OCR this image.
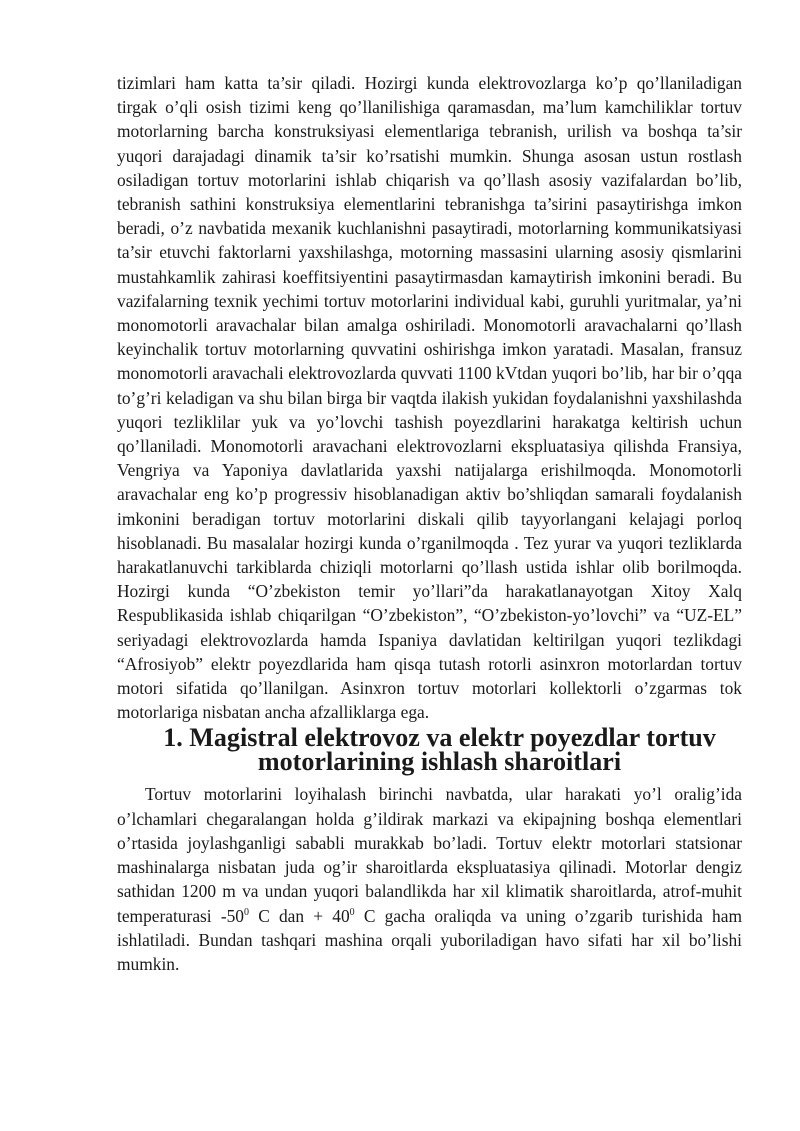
tizimlari ham katta ta’sir qiladi. Hozirgi kunda elektrovozlarga ko’p qo’llaniladigan tirgak o’qli osish tizimi keng qo’llanilishiga qaramasdan, ma’lum kamchiliklar tortuv motorlarning barcha konstruksiyasi elementlariga tebranish, urilish va boshqa ta’sir yuqori darajadagi dinamik ta’sir ko’rsatishi mumkin. Shunga asosan ustun rostlash osiladigan tortuv motorlarini ishlab chiqarish va qo’llash asosiy vazifalardan bo’lib, tebranish sathini konstruksiya elementlarini tebranishga ta’sirini pasaytirishga imkon beradi, o’z navbatida mexanik kuchlanishni pasaytiradi, motorlarning kommunikatsiyasi ta’sir etuvchi faktorlarni yaxshilashga, motorning massasini ularning asosiy qismlarini mustahkamlik zahirasi koeffitsiyentini pasaytirmasdan kamaytirish imkonini beradi. Bu vazifalarning texnik yechimi tortuv motorlarini individual kabi, guruhli yuritmalar, ya’ni monomotorli aravachalar bilan amalga oshiriladi. Monomotorli aravachalarni qo’llash keyinchalik tortuv motorlarning quvvatini oshirishga imkon yaratadi. Masalan, fransuz monomotorli aravachali elektrovozlarda quvvati 1100 kVtdan yuqori bo’lib, har bir o’qqa to’g’ri keladigan va shu bilan birga bir vaqtda ilakish yukidan foydalanishni yaxshilashda yuqori tezliklilar yuk va yo’lovchi tashish poyezdlarini harakatga keltirish uchun qo’llaniladi. Monomotorli aravachani elektrovozlarni ekspluatasiya qilishda Fransiya, Vengriya va Yaponiya davlatlarida yaxshi natijalarga erishilmoqda. Monomotorli aravachalar eng ko’p progressiv hisoblanadigan aktiv bo’shliqdan samarali foydalanish imkonini beradigan tortuv motorlarini diskali qilib tayyorlangani kelajagi porloq hisoblanadi. Bu masalalar hozirgi kunda o’rganilmoqda . Tez yurar va yuqori tezliklarda harakatlanuvchi tarkiblarda chiziqli motorlarni qo’llash ustida ishlar olib borilmoqda. Hozirgi kunda “O’zbekiston temir yo’llari”da harakatlanayotgan Xitoy Xalq Respublikasida ishlab chiqarilgan “O’zbekiston”, “O’zbekiston-yo’lovchi” va “UZ-EL” seriyadagi elektrovozlarda hamda Ispaniya davlatidan keltirilgan yuqori tezlikdagi “Afrosiyob” elektr poyezdlarida ham qisqa tutash rotorli asinxron motorlardan tortuv motori sifatida qo’llanilgan. Asinxron tortuv motorlari kollektorli o’zgarmas tok motorlariga nisbatan ancha afzalliklarga ega.

1. Magistral elektrovoz va elektr poyezdlar tortuv motorlarining ishlash sharoitlari

Tortuv motorlarini loyihalash birinchi navbatda, ular harakati yo’l oralig’ida o’lchamlari chegaralangan holda g’ildirak markazi va ekipajning boshqa elementlari o’rtasida joylashganligi sababli murakkab bo’ladi. Tortuv elektr motorlari statsionar mashinalarga nisbatan juda og’ir sharoitlarda ekspluatasiya qilinadi. Motorlar dengiz sathidan 1200 m va undan yuqori balandlikda har xil klimatik sharoitlarda, atrof-muhit temperaturasi $-50^0$ C dan + $40^0$ C gacha oraliqda va uning o’zgarib turishida ham ishlatiladi. Bundan tashqari mashina orqali yuboriladigan havo sifati har xil bo’lishi mumkin.
